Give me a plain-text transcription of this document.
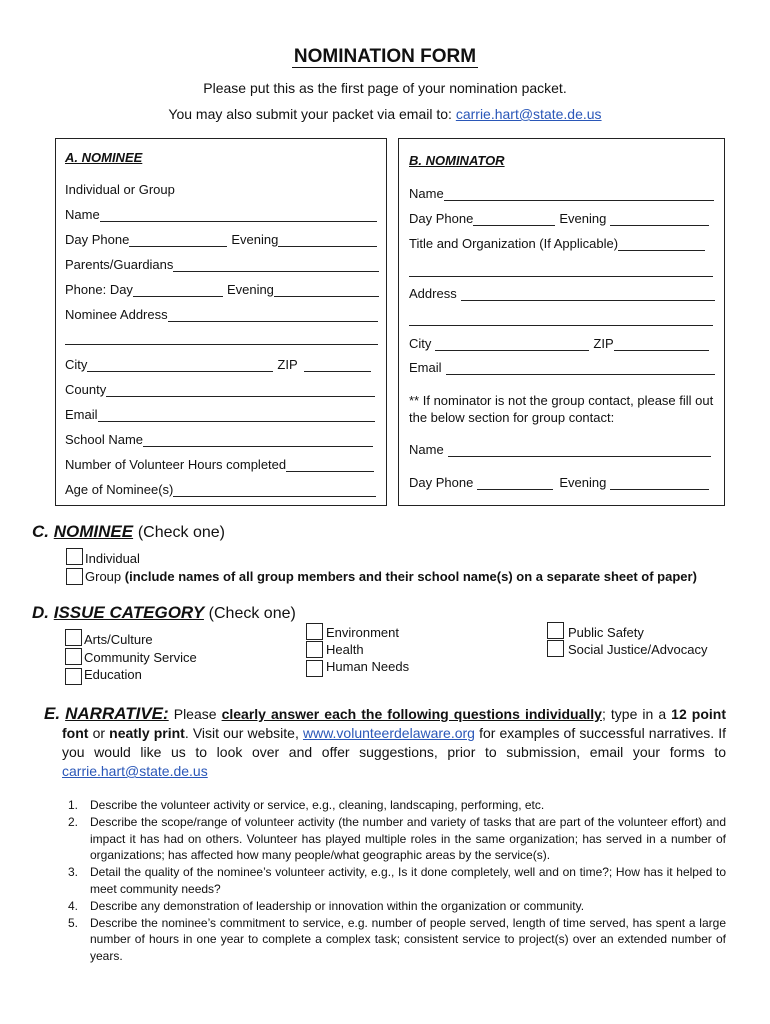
NOMINATION FORM
Please put this as the first page of your nomination packet.
You may also submit your packet via email to: carrie.hart@state.de.us
A. NOMINEE
Individual or Group
Name
Day Phone	Evening
Parents/Guardians
Phone: Day	Evening
Nominee Address
City	ZIP
County
Email
School Name
Number of Volunteer Hours completed
Age of Nominee(s)
B. NOMINATOR
Name
Day Phone	Evening
Title and Organization (If Applicable)
Address
City	ZIP
Email
** If nominator is not the group contact, please fill out the below section for group contact:
Name
Day Phone	Evening
C. NOMINEE (Check one)
Individual
Group (include names of all group members and their school name(s) on a separate sheet of paper)
D. ISSUE CATEGORY (Check one)
Arts/Culture
Community Service
Education
Environment
Health
Human Needs
Public Safety
Social Justice/Advocacy
E. NARRATIVE: Please clearly answer each the following questions individually; type in a 12 point font or neatly print. Visit our website, www.volunteerdelaware.org for examples of successful narratives. If you would like us to look over and offer suggestions, prior to submission, email your forms to carrie.hart@state.de.us
1. Describe the volunteer activity or service, e.g., cleaning, landscaping, performing, etc.
2. Describe the scope/range of volunteer activity (the number and variety of tasks that are part of the volunteer effort) and impact it has had on others. Volunteer has played multiple roles in the same organization; has served in a number of organizations; has affected how many people/what geographic areas by the service(s).
3. Detail the quality of the nominee’s volunteer activity, e.g., Is it done completely, well and on time?; How has it helped to meet community needs?
4. Describe any demonstration of leadership or innovation within the organization or community.
5. Describe the nominee’s commitment to service, e.g. number of people served, length of time served, has spent a large number of hours in one year to complete a complex task; consistent service to project(s) over an extended number of years.
